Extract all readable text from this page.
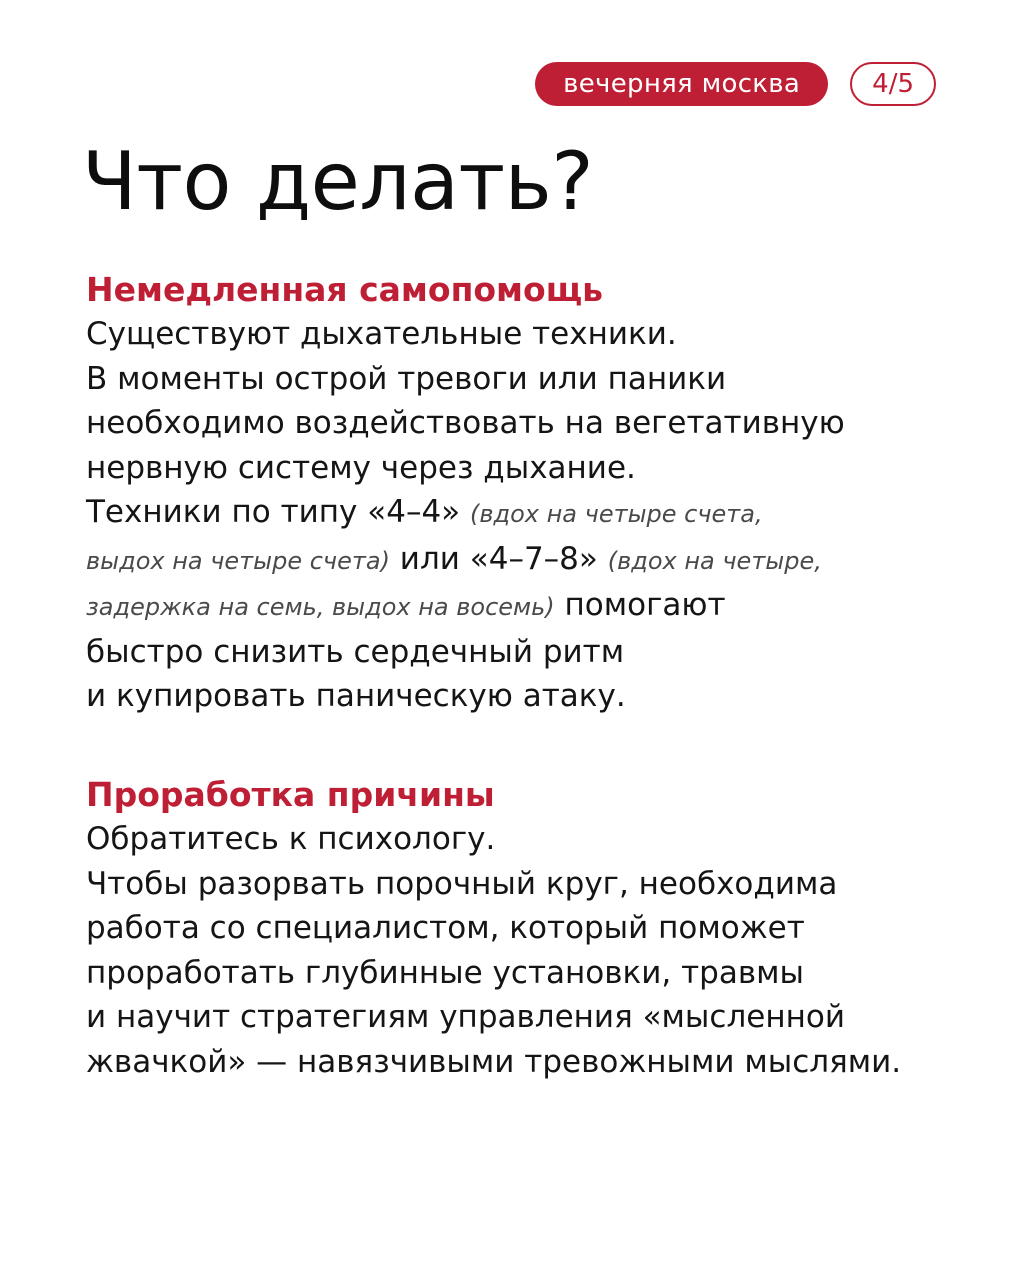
вечерняя москва	4/5
Что делать?
Немедленная самопомощь

Существуют дыхательные техники.

В моменты острой тревоги или паники

необходимо воздействовать на вегетативную

нервную систему через дыхание.

Техники по типу «4–4» (вдох на четыре счета,

выдох на четыре счета) или «4–7–8» (вдох на четыре,

задержка на семь, выдох на восемь) помогают

быстро снизить сердечный ритм

и купировать паническую атаку.

Проработка причины

Обратитесь к психологу.

Чтобы разорвать порочный круг, необходима

работа со специалистом, который поможет

проработать глубинные установки, травмы

и научит стратегиям управления «мысленной

жвачкой» — навязчивыми тревожными мыслями.
